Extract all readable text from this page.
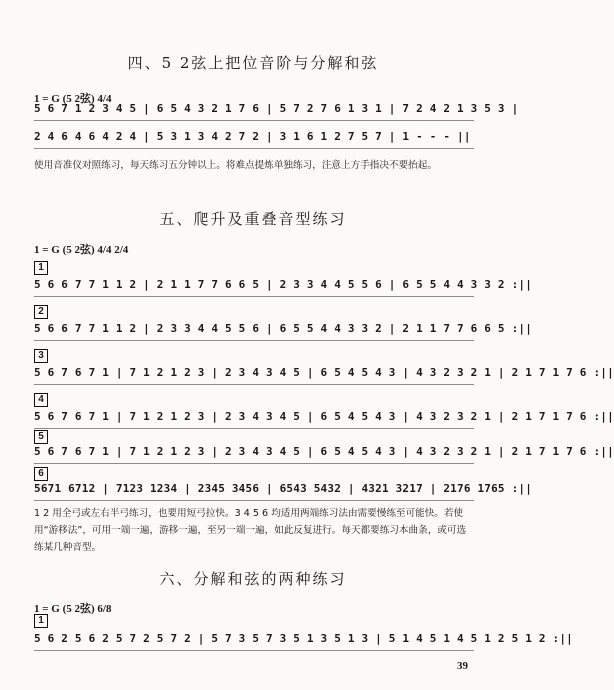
四、5 2弦上把位音阶与分解和弦
1 = G (5 2弦) 4/4
5 6 7 1 2 3 4 5 | 6 5 4 3 2 1 7 6 | 5 7 2 7 6 1 3 1 | 7 2 4 2 1 3 5 3 |
2 4 6 4 6 4 2 4 | 5 3 1 3 4 2 7 2 | 3 1 6 1 2 7 5 7 | 1 - - - ||
使用音准仪对照练习，每天练习五分钟以上。将难点提炼单独练习，注意上方手指决不要抬起。
五、爬升及重叠音型练习
1 = G (5 2弦) 4/4 2/4
1
5 6 6 7 7 1 1 2 | 2 1 1 7 7 6 6 5 | 2 3 3 4 4 5 5 6 | 6 5 5 4 4 3 3 2 :||
2
5 6 6 7 7 1 1 2 | 2 3 3 4 4 5 5 6 | 6 5 5 4 4 3 3 2 | 2 1 1 7 7 6 6 5 :||
3
5 6 7 6 7 1 | 7 1 2 1 2 3 | 2 3 4 3 4 5 | 6 5 4 5 4 3 | 4 3 2 3 2 1 | 2 1 7 1 7 6 :||
4
5 6 7 6 7 1 | 7 1 2 1 2 3 | 2 3 4 3 4 5 | 6 5 4 5 4 3 | 4 3 2 3 2 1 | 2 1 7 1 7 6 :||
5
5 6 7 6 7 1 | 7 1 2 1 2 3 | 2 3 4 3 4 5 | 6 5 4 5 4 3 | 4 3 2 3 2 1 | 2 1 7 1 7 6 :||
6
5671 6712 | 7123 1234 | 2345 3456 | 6543 5432 | 4321 3217 | 2176 1765 :||
1 2 用全弓或左右半弓练习，也要用短弓拉快。3 4 5 6 均适用两端练习法由需要慢练至可能快。若使用“游移法”，可用一端一遍，游移一遍，至另一端一遍，如此反复进行。每天都要练习本曲条，或可选练某几种音型。
六、分解和弦的两种练习
1 = G (5 2弦) 6/8
1
5 6 2 5 6 2 5 7 2 5 7 2 | 5 7 3 5 7 3 5 1 3 5 1 3 | 5 1 4 5 1 4 5 1 2 5 1 2 :||
39
